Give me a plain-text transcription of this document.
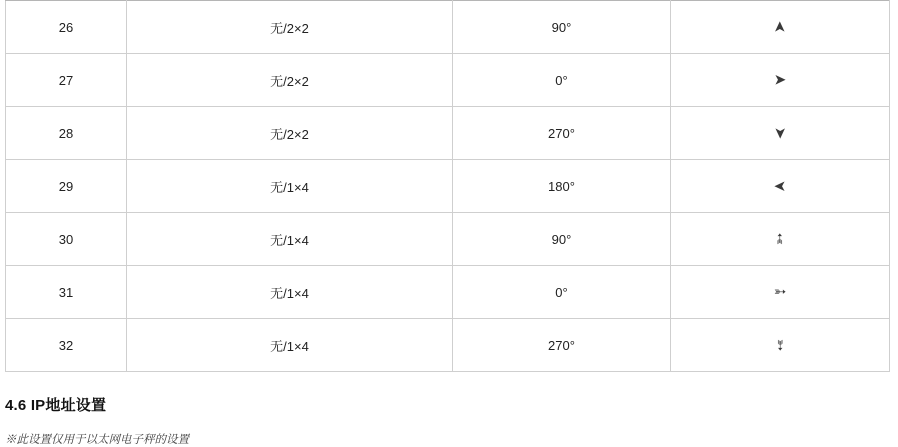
26	无/2×2	90°	➤

27	无/2×2	0°	➤

28	无/2×2	270°	➤

29	无/1×4	180°	➤

30	无/1×4	90°	➳

31	无/1×4	0°	➳

32	无/1×4	270°	➳
4.6 IP地址设置

※此设置仅用于以太网电子秤的设置
